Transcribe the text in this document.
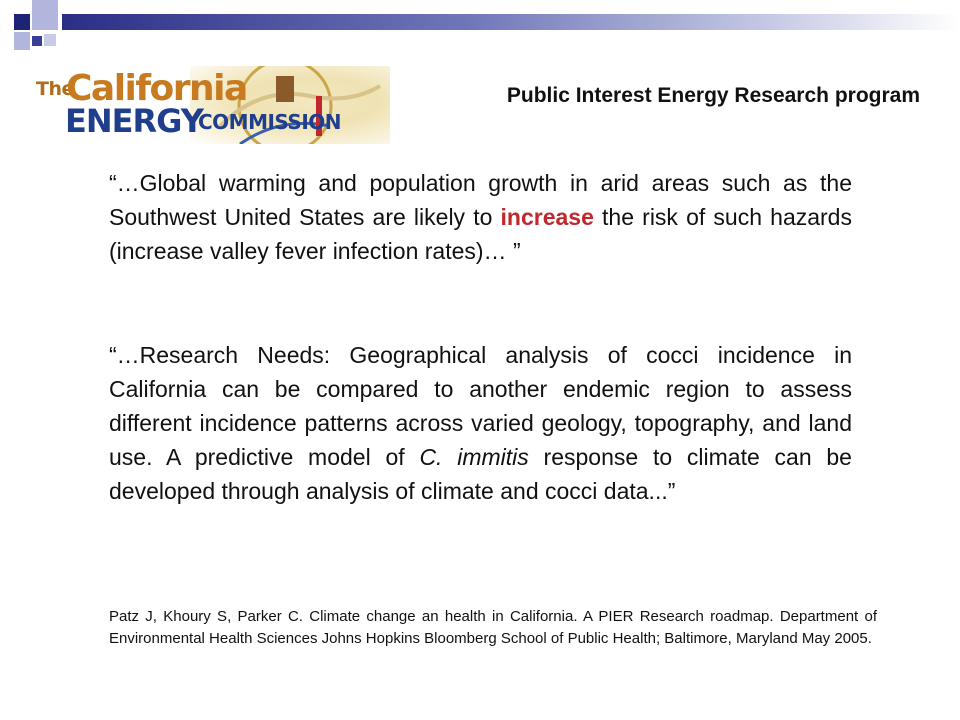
The
California
ENERGY
COMMISSION
Public Interest Energy Research program

“…Global warming and population growth in arid areas such as the Southwest United States are likely to increase the risk of such hazards (increase valley fever infection rates)… ”

“…Research Needs: Geographical analysis of cocci incidence in California can be compared to another endemic region to assess different incidence patterns across varied geology, topography, and land use. A predictive model of C. immitis response to climate can be developed through analysis of climate and cocci data...”

Patz J, Khoury S, Parker C. Climate change an health in California. A PIER Research roadmap. Department of Environmental Health Sciences Johns Hopkins Bloomberg School of Public Health; Baltimore, Maryland May 2005.
